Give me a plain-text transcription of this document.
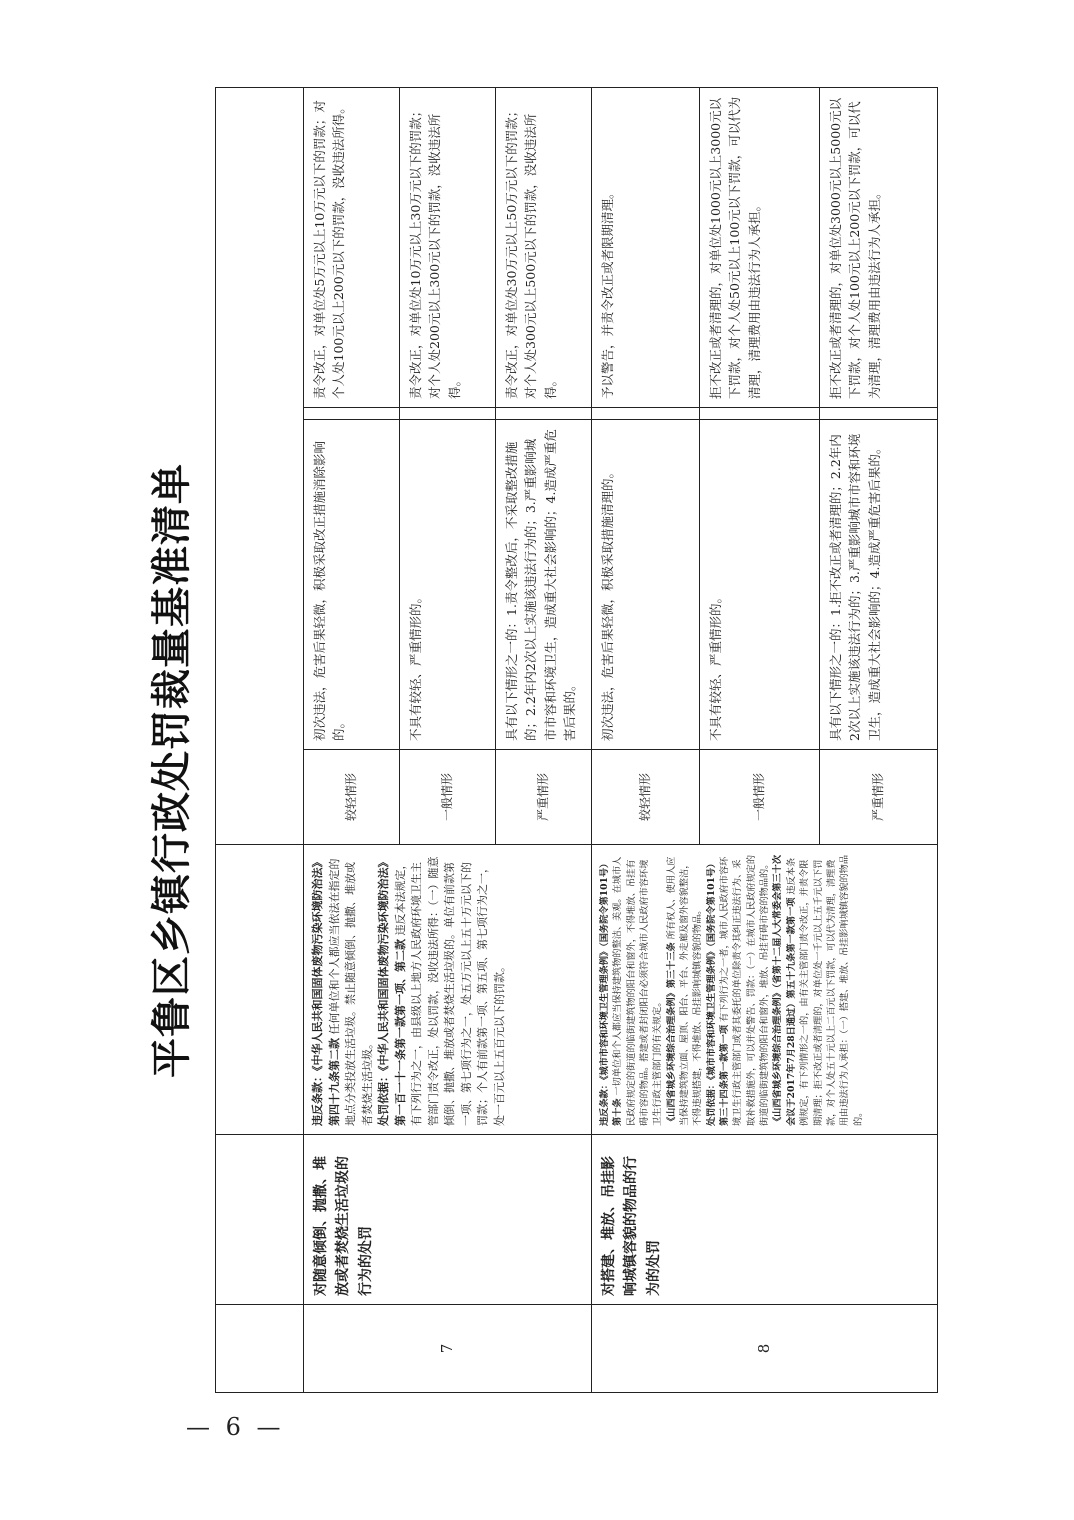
平鲁区乡镇行政处罚裁量基准清单

7	对随意倾倒、抛撒、堆放或者焚烧生活垃圾的行为的处罚	违反条款：《中华人民共和国固体废物污染环境防治法》第四十九条第二款 任何单位和个人都应当依法在指定的地点分类投放生活垃圾。禁止随意倾倒、抛撒、堆放或者焚烧生活垃圾。 处罚依据：《中华人民共和国固体废物污染环境防治法》第一百一十一条第一款第一项、第二款 违反本法规定，有下列行为之一，由县级以上地方人民政府环境卫生主管部门责令改正，处以罚款，没收违法所得：（一）随意倾倒、抛撒、堆放或者焚烧生活垃圾的。单位有前款第一项、第七项行为之一，处五万元以上五十万元以下的罚款；个人有前款第一项、第五项、第七项行为之一，处一百元以上五百元以下的罚款。	较轻情形	初次违法，危害后果轻微，积极采取改正措施消除影响的。		责令改正，对单位处5万元以上10万元以下的罚款；对个人处100元以上200元以下的罚款，没收违法所得。
			一般情形	不具有较轻、严重情形的。		责令改正，对单位处10万元以上30万元以下的罚款；对个人处200元以上300元以下的罚款，没收违法所得。
			严重情形	具有以下情形之一的：1.责令整改后，不采取整改措施的；2.2年内2次以上实施该违法行为的；3.严重影响城市市容和环境卫生，造成重大社会影响的；4.造成严重危害后果的。		责令改正，对单位处30万元以上50万元以下的罚款；对个人处300元以上500元以下的罚款，没收违法所得。
8	对搭建、堆放、吊挂影响城镇容貌的物品的行为的处罚	违反条款：《城市市容和环境卫生管理条例》（国务院令第101号）第十条 一切单位和个人都应当保持建筑物的整洁、美观。在城市人民政府规定的街道的临街建筑物的阳台和窗外，不得堆放、吊挂有碍市容的物品。搭建或者封闭阳台必须符合城市人民政府市容环境卫生行政主管部门的有关规定。 《山西省城乡环境综合治理条例》第三十三条 所有权人、使用人应当保持建筑物立面、屋顶、阳台、平台、外走廊及窗外容貌整洁，不得违规搭建，不得堆放、吊挂影响城镇容貌的物品。 处罚依据：《城市市容和环境卫生管理条例》（国务院令第101号）第三十四条第一款第一项 有下列行为之一者，城市人民政府市容环境卫生行政主管部门或者其委托的单位除责令其纠正违法行为、采取补救措施外，可以并处警告、罚款：（一）在城市人民政府规定的街道的临街建筑物的阳台和窗外，堆放、吊挂有碍市容的物品的。 《山西省城乡环境综合治理条例》（省第十二届人大常委会第三十次会议于2017年7月28日通过）第五十九条第一款第一项 违反本条例规定，有下列情形之一的，由有关主管部门责令改正，并责令限期清理；拒不改正或者清理的，对单位处一千元以上五千元以下罚款，对个人处五十元以上二百元以下罚款，可以代为清理，清理费用由违法行为人承担：（一）搭建、堆放、吊挂影响城镇容貌的物品的。	较轻情形	初次违法，危害后果轻微，积极采取措施清理的。		予以警告，并责令改正或者限期清理。
			一般情形	不具有较轻、严重情形的。		拒不改正或者清理的，对单位处1000元以上3000元以下罚款，对个人处50元以上100元以下罚款，可以代为清理，清理费用由违法行为人承担。
			严重情形	具有以下情形之一的：1.拒不改正或者清理的；2.2年内2次以上实施该违法行为的；3.严重影响城市市容和环境卫生，造成重大社会影响的；4.造成严重危害后果的。		拒不改正或者清理的，对单位处3000元以上5000元以下罚款，对个人处100元以上200元以下罚款，可以代为清理，清理费用由违法行为人承担。
— 6 —
